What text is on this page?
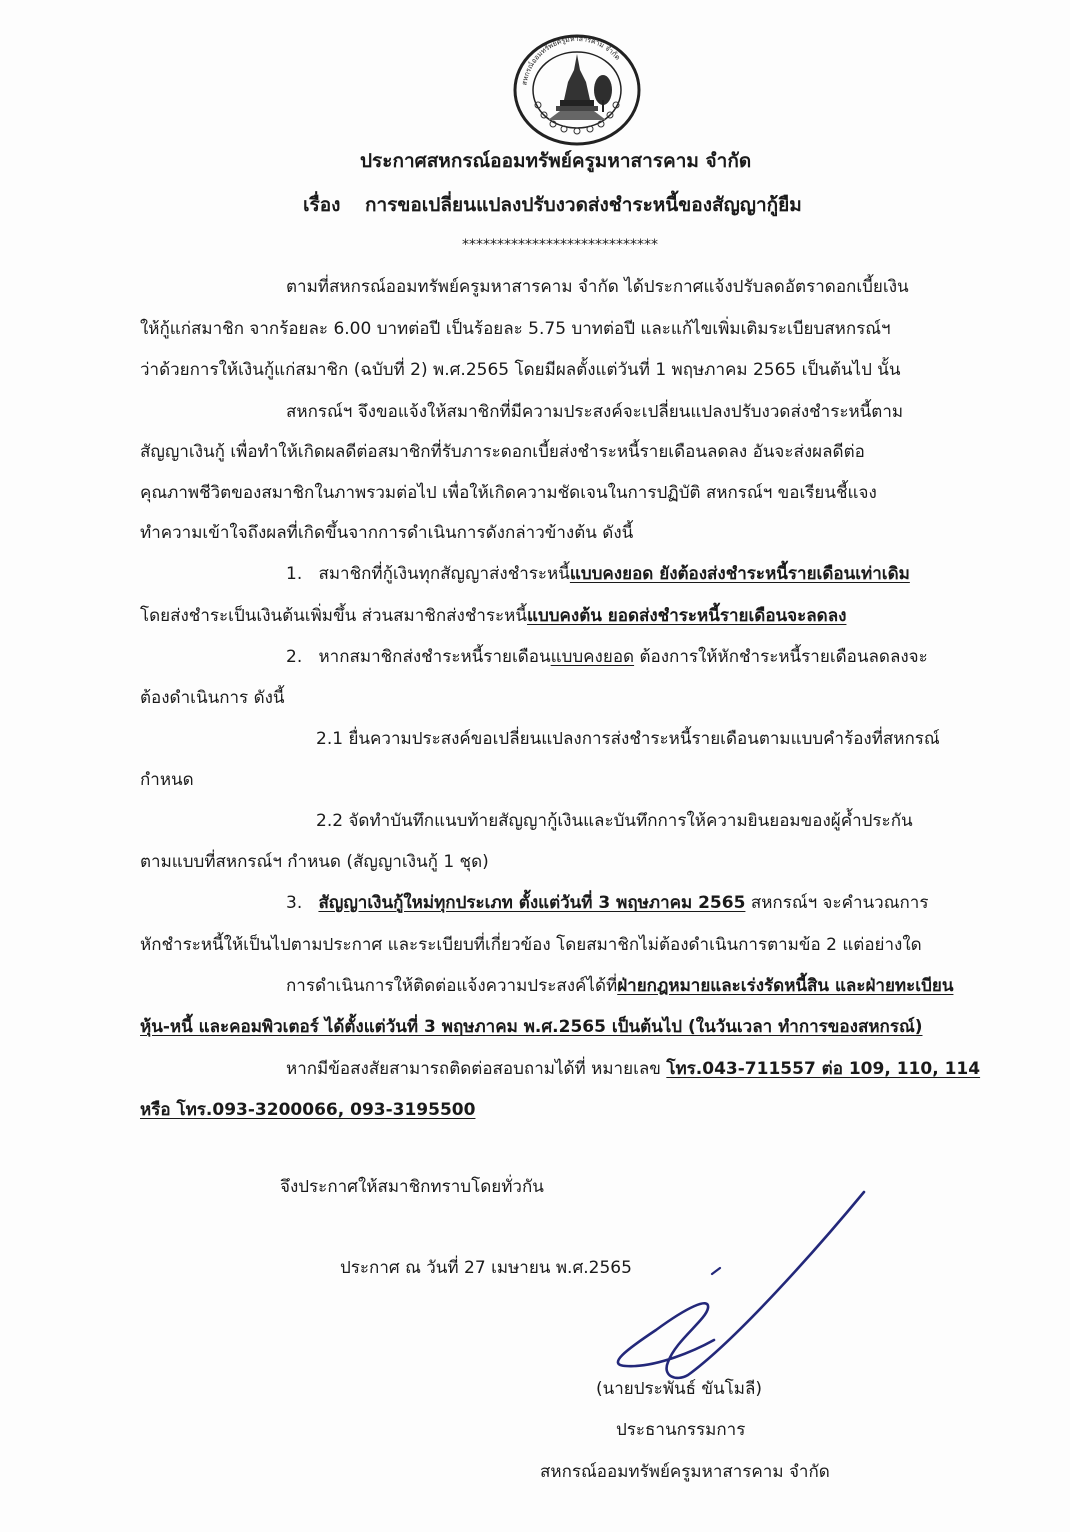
สหกรณ์ออมทรัพย์ครูมหาสารคาม จำกัด
ประกาศสหกรณ์ออมทรัพย์ครูมหาสารคาม จำกัด
เรื่อง การขอเปลี่ยนแปลงปรับงวดส่งชำระหนี้ของสัญญากู้ยืม
****************************
ตามที่สหกรณ์ออมทรัพย์ครูมหาสารคาม จำกัด ได้ประกาศแจ้งปรับลดอัตราดอกเบี้ยเงิน
ให้กู้แก่สมาชิก จากร้อยละ 6.00 บาทต่อปี เป็นร้อยละ 5.75 บาทต่อปี และแก้ไขเพิ่มเติมระเบียบสหกรณ์ฯ
ว่าด้วยการให้เงินกู้แก่สมาชิก (ฉบับที่ 2) พ.ศ.2565 โดยมีผลตั้งแต่วันที่ 1 พฤษภาคม 2565 เป็นต้นไป นั้น
สหกรณ์ฯ จึงขอแจ้งให้สมาชิกที่มีความประสงค์จะเปลี่ยนแปลงปรับงวดส่งชำระหนี้ตาม
สัญญาเงินกู้ เพื่อทำให้เกิดผลดีต่อสมาชิกที่รับภาระดอกเบี้ยส่งชำระหนี้รายเดือนลดลง อันจะส่งผลดีต่อ
คุณภาพชีวิตของสมาชิกในภาพรวมต่อไป เพื่อให้เกิดความชัดเจนในการปฏิบัติ สหกรณ์ฯ ขอเรียนชี้แจง
ทำความเข้าใจถึงผลที่เกิดขึ้นจากการดำเนินการดังกล่าวข้างต้น ดังนี้
1. สมาชิกที่กู้เงินทุกสัญญาส่งชำระหนี้แบบคงยอด ยังต้องส่งชำระหนี้รายเดือนเท่าเดิม
โดยส่งชำระเป็นเงินต้นเพิ่มขึ้น ส่วนสมาชิกส่งชำระหนี้แบบคงต้น ยอดส่งชำระหนี้รายเดือนจะลดลง
2. หากสมาชิกส่งชำระหนี้รายเดือนแบบคงยอด ต้องการให้หักชำระหนี้รายเดือนลดลงจะ
ต้องดำเนินการ ดังนี้
2.1 ยื่นความประสงค์ขอเปลี่ยนแปลงการส่งชำระหนี้รายเดือนตามแบบคำร้องที่สหกรณ์
กำหนด
2.2 จัดทำบันทึกแนบท้ายสัญญากู้เงินและบันทึกการให้ความยินยอมของผู้ค้ำประกัน
ตามแบบที่สหกรณ์ฯ กำหนด (สัญญาเงินกู้ 1 ชุด)
3. สัญญาเงินกู้ใหม่ทุกประเภท ตั้งแต่วันที่ 3 พฤษภาคม 2565 สหกรณ์ฯ จะคำนวณการ
หักชำระหนี้ให้เป็นไปตามประกาศ และระเบียบที่เกี่ยวข้อง โดยสมาชิกไม่ต้องดำเนินการตามข้อ 2 แต่อย่างใด
การดำเนินการให้ติดต่อแจ้งความประสงค์ได้ที่ฝ่ายกฎหมายและเร่งรัดหนี้สิน และฝ่ายทะเบียน
หุ้น-หนี้ และคอมพิวเตอร์ ได้ตั้งแต่วันที่ 3 พฤษภาคม พ.ศ.2565 เป็นต้นไป (ในวันเวลา ทำการของสหกรณ์)
หากมีข้อสงสัยสามารถติดต่อสอบถามได้ที่ หมายเลข โทร.043-711557 ต่อ 109, 110, 114
หรือ โทร.093-3200066, 093-3195500
จึงประกาศให้สมาชิกทราบโดยทั่วกัน
ประกาศ ณ วันที่ 27 เมษายน พ.ศ.2565
(นายประพันธ์ ขันโมลี)
ประธานกรรมการ
สหกรณ์ออมทรัพย์ครูมหาสารคาม จำกัด
